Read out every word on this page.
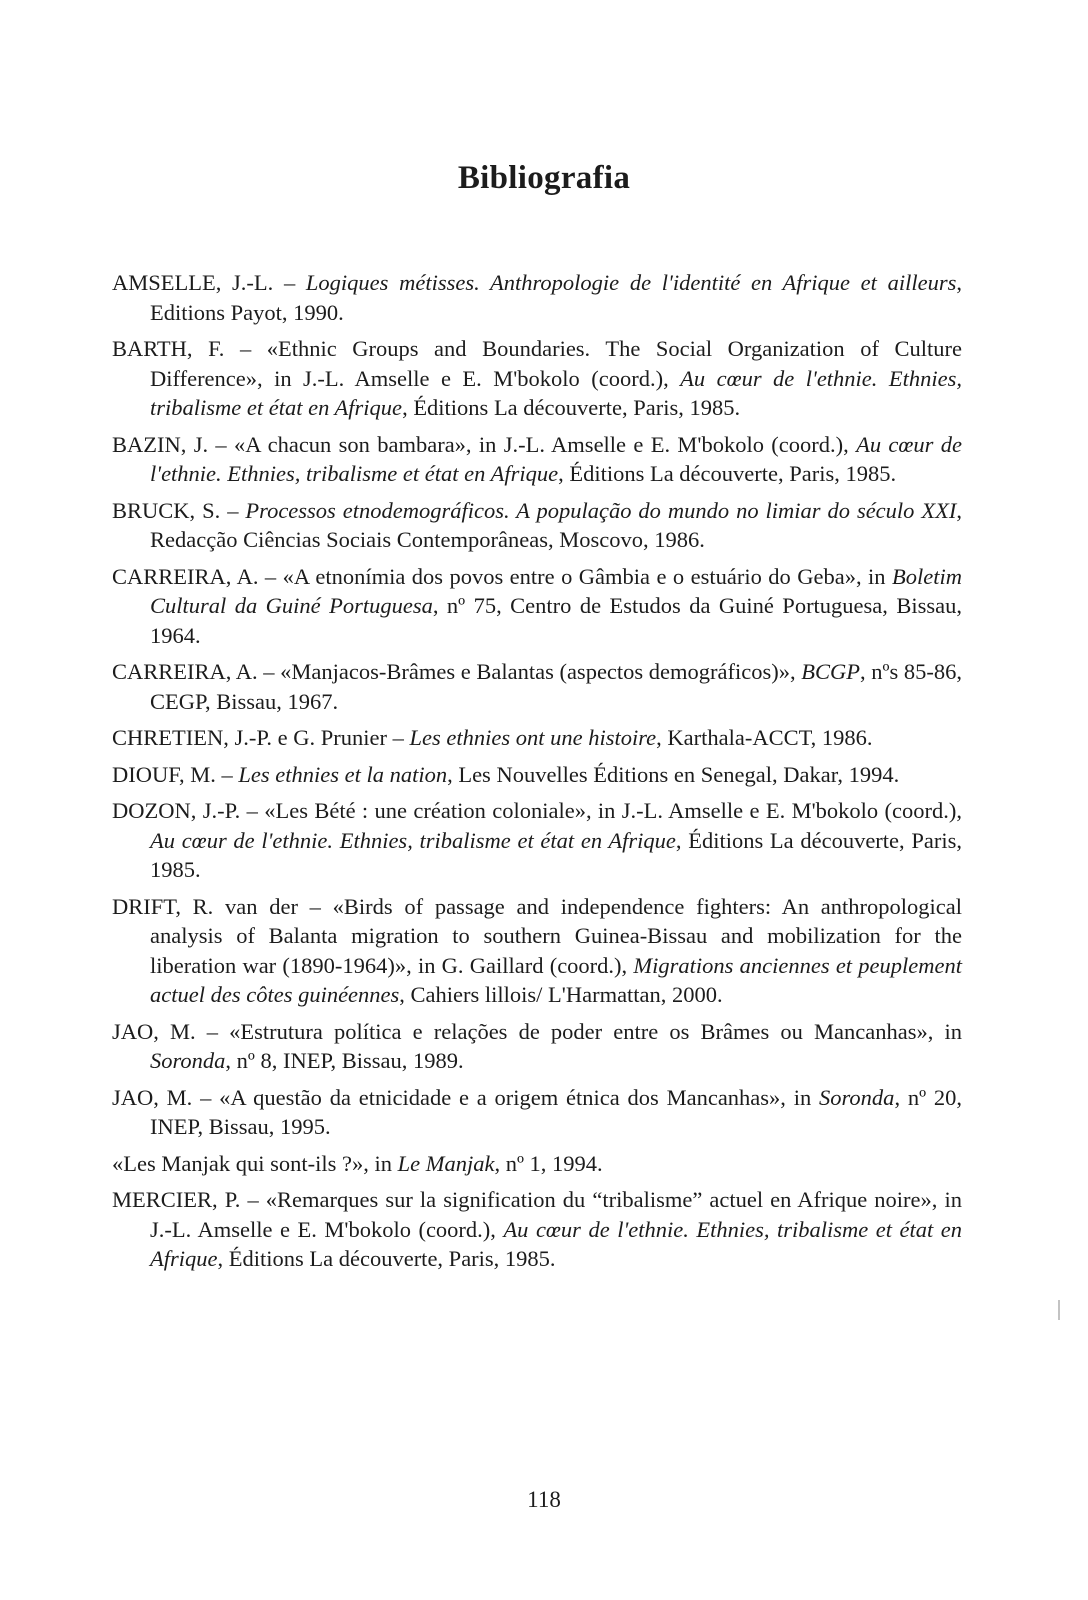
Bibliografia
AMSELLE, J.-L. – Logiques métisses. Anthropologie de l'identité en Afrique et ailleurs, Editions Payot, 1990.
BARTH, F. – «Ethnic Groups and Boundaries. The Social Organization of Culture Difference», in J.-L. Amselle e E. M'bokolo (coord.), Au cœur de l'ethnie. Ethnies, tribalisme et état en Afrique, Éditions La découverte, Paris, 1985.
BAZIN, J. – «A chacun son bambara», in J.-L. Amselle e E. M'bokolo (coord.), Au cœur de l'ethnie. Ethnies, tribalisme et état en Afrique, Éditions La découverte, Paris, 1985.
BRUCK, S. – Processos etnodemográficos. A população do mundo no limiar do século XXI, Redacção Ciências Sociais Contemporâneas, Moscovo, 1986.
CARREIRA, A. – «A etnonímia dos povos entre o Gâmbia e o estuário do Geba», in Boletim Cultural da Guiné Portuguesa, nº 75, Centro de Estudos da Guiné Portuguesa, Bissau, 1964.
CARREIRA, A. – «Manjacos-Brâmes e Balantas (aspectos demográficos)», BCGP, nºs 85-86, CEGP, Bissau, 1967.
CHRETIEN, J.-P. e G. Prunier – Les ethnies ont une histoire, Karthala-ACCT, 1986.
DIOUF, M. – Les ethnies et la nation, Les Nouvelles Éditions en Senegal, Dakar, 1994.
DOZON, J.-P. – «Les Bété : une création coloniale», in J.-L. Amselle e E. M'bokolo (coord.), Au cœur de l'ethnie. Ethnies, tribalisme et état en Afrique, Éditions La découverte, Paris, 1985.
DRIFT, R. van der – «Birds of passage and independence fighters: An anthropological analysis of Balanta migration to southern Guinea-Bissau and mobilization for the liberation war (1890-1964)», in G. Gaillard (coord.), Migrations anciennes et peuplement actuel des côtes guinéennes, Cahiers lillois/ L'Harmattan, 2000.
JAO, M. – «Estrutura política e relações de poder entre os Brâmes ou Mancanhas», in Soronda, nº 8, INEP, Bissau, 1989.
JAO, M. – «A questão da etnicidade e a origem étnica dos Mancanhas», in Soronda, nº 20, INEP, Bissau, 1995.
«Les Manjak qui sont-ils ?», in Le Manjak, nº 1, 1994.
MERCIER, P. – «Remarques sur la signification du “tribalisme” actuel en Afrique noire», in J.-L. Amselle e E. M'bokolo (coord.), Au cœur de l'ethnie. Ethnies, tribalisme et état en Afrique, Éditions La découverte, Paris, 1985.
118
